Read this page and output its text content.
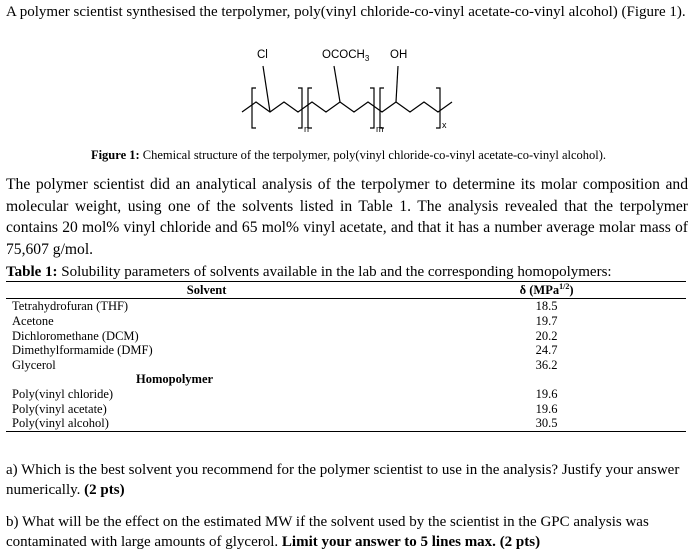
A polymer scientist synthesised the terpolymer, poly(vinyl chloride-co-vinyl acetate-co-vinyl alcohol) (Figure 1).
Cl	$OCOCH_3$ OH
n	m	x
Figure 1: Chemical structure of the terpolymer, poly(vinyl chloride-co-vinyl acetate-co-vinyl alcohol).
The polymer scientist did an analytical analysis of the terpolymer to determine its molar composition and molecular weight, using one of the solvents listed in Table 1. The analysis revealed that the terpolymer contains 20 mol% vinyl chloride and 65 mol% vinyl acetate, and that it has a number average molar mass of 75,607 g/mol.
Table 1: Solubility parameters of solvents available in the lab and the corresponding homopolymers:
Solvent	δ (MPa$^{1/2}$)
Tetrahydrofuran (THF)	18.5
Acetone	19.7
Dichloromethane (DCM)	20.2
Dimethylformamide (DMF)	24.7
Glycerol	36.2
Homopolymer	
Poly(vinyl chloride)	19.6
Poly(vinyl acetate)	19.6
Poly(vinyl alcohol)	30.5
a) Which is the best solvent you recommend for the polymer scientist to use in the analysis? Justify your answer numerically. (2 pts)
b) What will be the effect on the estimated MW if the solvent used by the scientist in the GPC analysis was contaminated with large amounts of glycerol. Limit your answer to 5 lines max. (2 pts)
